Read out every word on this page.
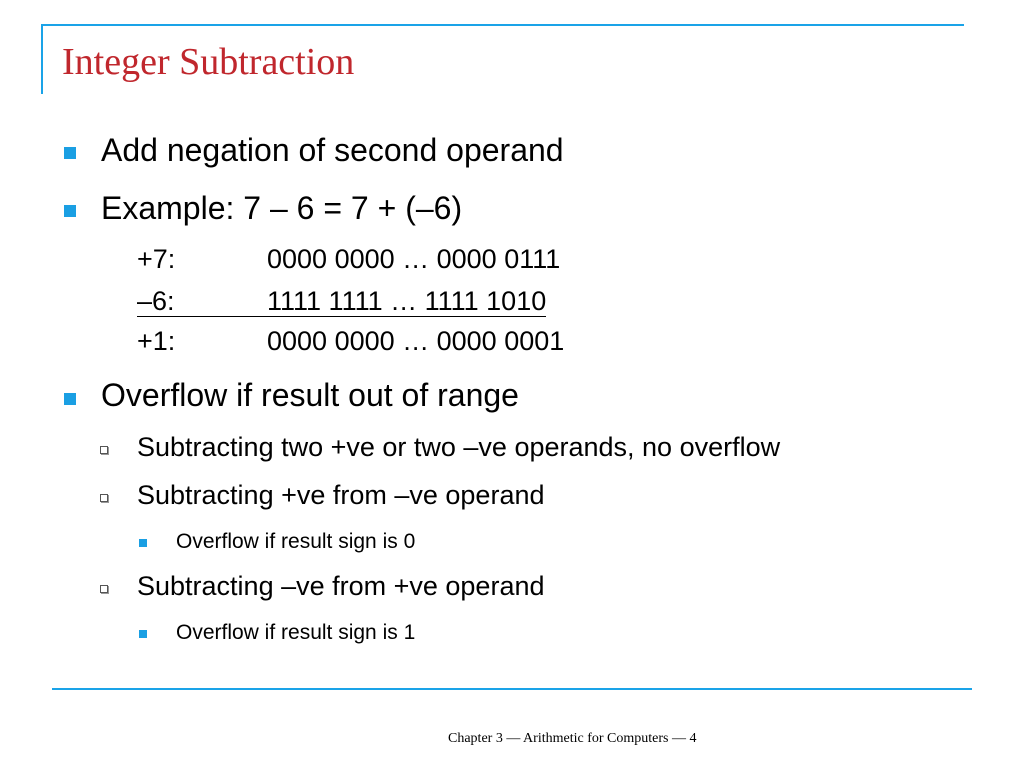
Integer Subtraction
Add negation of second operand
Example: 7 – 6 = 7 + (–6)
+7:	0000 0000 … 0000 0111
–6:	1111 1111 … 1111 1010
+1:	0000 0000 … 0000 0001
Overflow if result out of range
Subtracting two +ve or two –ve operands, no overflow
Subtracting +ve from –ve operand
Overflow if result sign is 0
Subtracting –ve from +ve operand
Overflow if result sign is 1
Chapter 3 — Arithmetic for Computers — 4
